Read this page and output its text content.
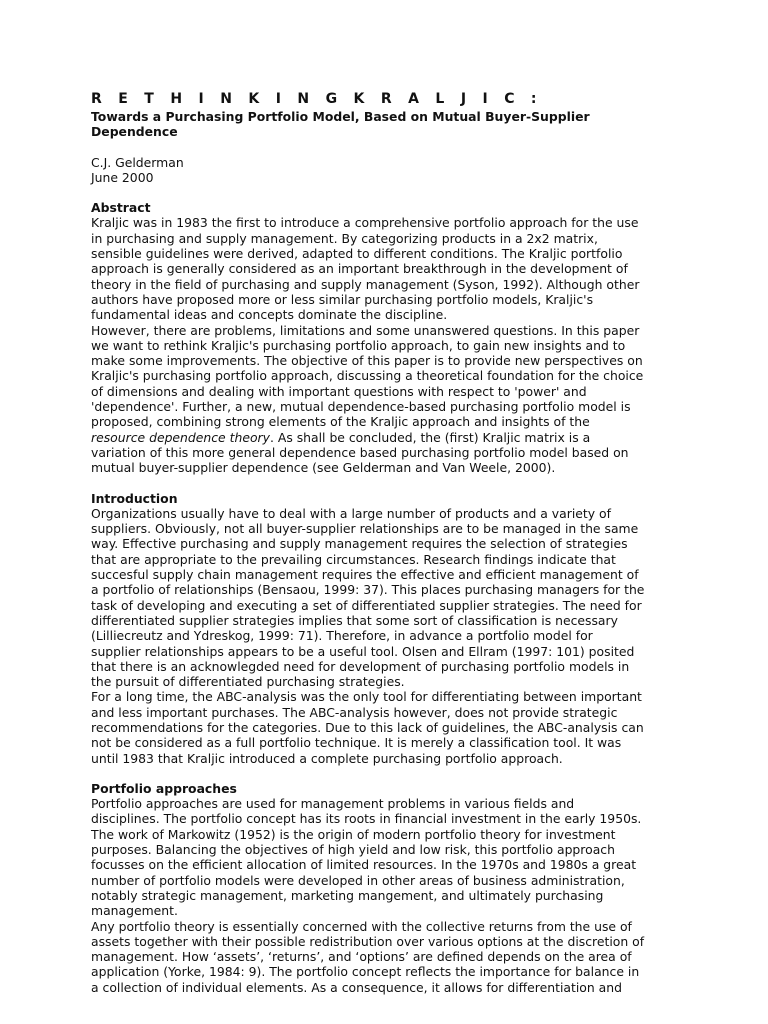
R E T H I N K I N G K R A L J I C :
Towards a Purchasing Portfolio Model, Based on Mutual Buyer-Supplier Dependence
C.J. Gelderman
June 2000
Abstract

Kraljic was in 1983 the first to introduce a comprehensive portfolio approach for the use
in purchasing and supply management. By categorizing products in a 2x2 matrix,
sensible guidelines were derived, adapted to different conditions. The Kraljic portfolio
approach is generally considered as an important breakthrough in the development of
theory in the field of purchasing and supply management (Syson, 1992). Although other
authors have proposed more or less similar purchasing portfolio models, Kraljic's
fundamental ideas and concepts dominate the discipline.

However, there are problems, limitations and some unanswered questions. In this paper
we want to rethink Kraljic's purchasing portfolio approach, to gain new insights and to
make some improvements. The objective of this paper is to provide new perspectives on
Kraljic's purchasing portfolio approach, discussing a theoretical foundation for the choice
of dimensions and dealing with important questions with respect to 'power' and
'dependence'. Further, a new, mutual dependence-based purchasing portfolio model is
proposed, combining strong elements of the Kraljic approach and insights of the
resource dependence theory. As shall be concluded, the (first) Kraljic matrix is a
variation of this more general dependence based purchasing portfolio model based on
mutual buyer-supplier dependence (see Gelderman and Van Weele, 2000).

Introduction

Organizations usually have to deal with a large number of products and a variety of
suppliers. Obviously, not all buyer-supplier relationships are to be managed in the same
way. Effective purchasing and supply management requires the selection of strategies
that are appropriate to the prevailing circumstances. Research findings indicate that
succesful supply chain management requires the effective and efficient management of
a portfolio of relationships (Bensaou, 1999: 37). This places purchasing managers for the
task of developing and executing a set of differentiated supplier strategies. The need for
differentiated supplier strategies implies that some sort of classification is necessary
(Lilliecreutz and Ydreskog, 1999: 71). Therefore, in advance a portfolio model for
supplier relationships appears to be a useful tool. Olsen and Ellram (1997: 101) posited
that there is an acknowlegded need for development of purchasing portfolio models in
the pursuit of differentiated purchasing strategies.

For a long time, the ABC-analysis was the only tool for differentiating between important
and less important purchases. The ABC-analysis however, does not provide strategic
recommendations for the categories. Due to this lack of guidelines, the ABC-analysis can
not be considered as a full portfolio technique. It is merely a classification tool. It was
until 1983 that Kraljic introduced a complete purchasing portfolio approach.

Portfolio approaches

Portfolio approaches are used for management problems in various fields and
disciplines. The portfolio concept has its roots in financial investment in the early 1950s.
The work of Markowitz (1952) is the origin of modern portfolio theory for investment
purposes. Balancing the objectives of high yield and low risk, this portfolio approach
focusses on the efficient allocation of limited resources. In the 1970s and 1980s a great
number of portfolio models were developed in other areas of business administration,
notably strategic management, marketing mangement, and ultimately purchasing
management.

Any portfolio theory is essentially concerned with the collective returns from the use of
assets together with their possible redistribution over various options at the discretion of
management. How ‘assets’, ‘returns’, and ‘options’ are defined depends on the area of
application (Yorke, 1984: 9). The portfolio concept reflects the importance for balance in
a collection of individual elements. As a consequence, it allows for differentiation and
